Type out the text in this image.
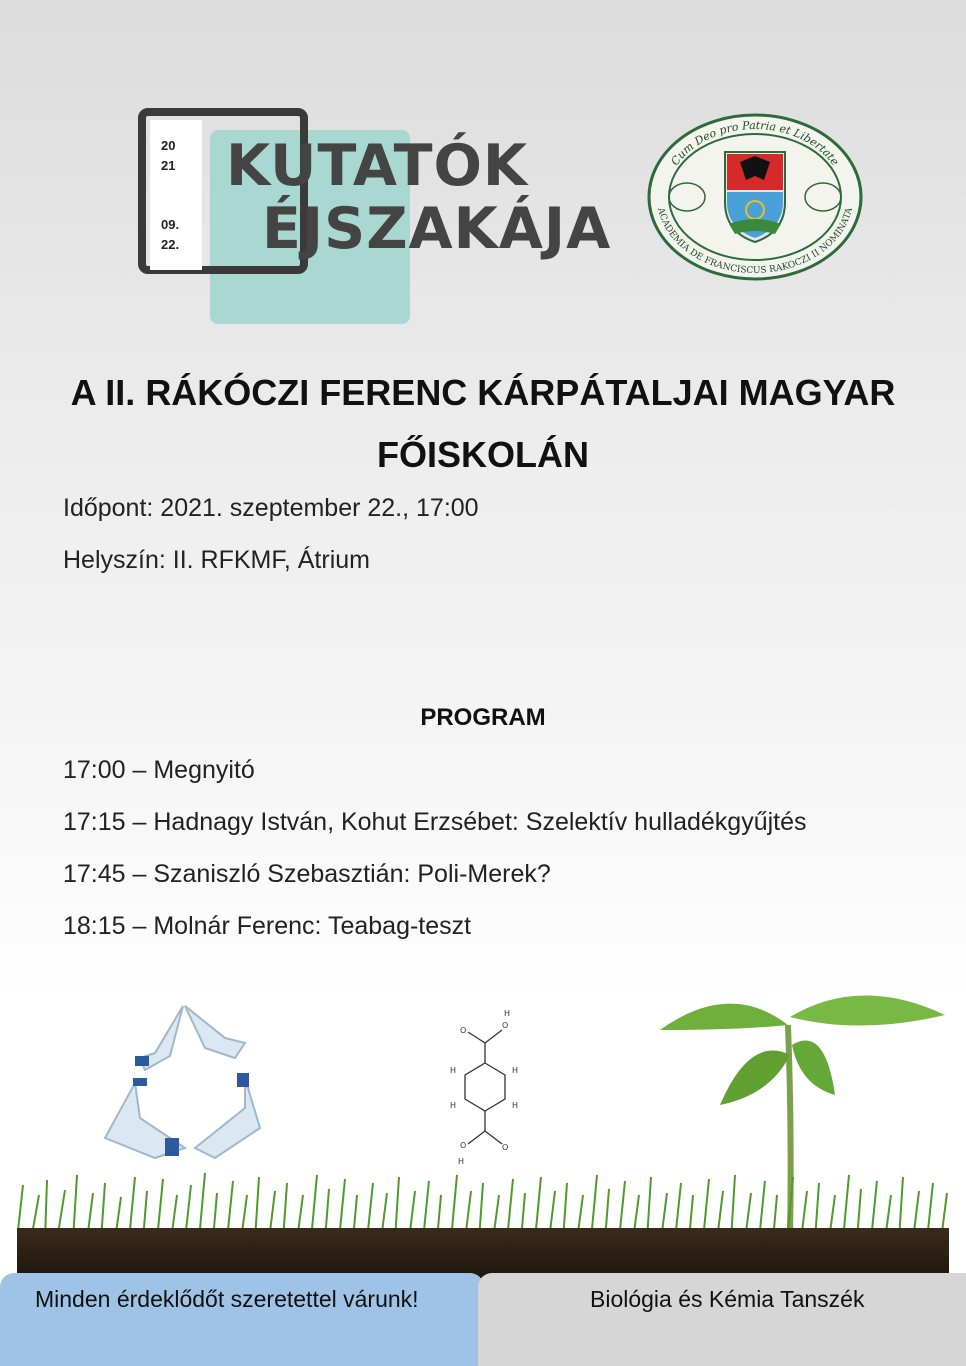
20
21
09.
22.
KUTATÓK
ÉJSZAKÁJA
Cum Deo pro Patria et Libertate
ACADEMIA DE FRANCISCUS RAKOCZI II NOMINATA
A II. RÁKÓCZI FERENC KÁRPÁTALJAI MAGYAR
FŐISKOLÁN
Időpont: 2021. szeptember 22., 17:00
Helyszín: II. RFKMF, Átrium
PROGRAM
17:00 – Megnyitó
17:15 – Hadnagy István, Kohut Erzsébet: Szelektív hulladékgyűjtés
17:45 – Szaniszló Szebasztián: Poli-Merek?
18:15 – Molnár Ferenc: Teabag-teszt
O
O
H
O	O
H
H	H
H	H
Minden érdeklődőt szeretettel várunk!	Biológia és Kémia Tanszék
